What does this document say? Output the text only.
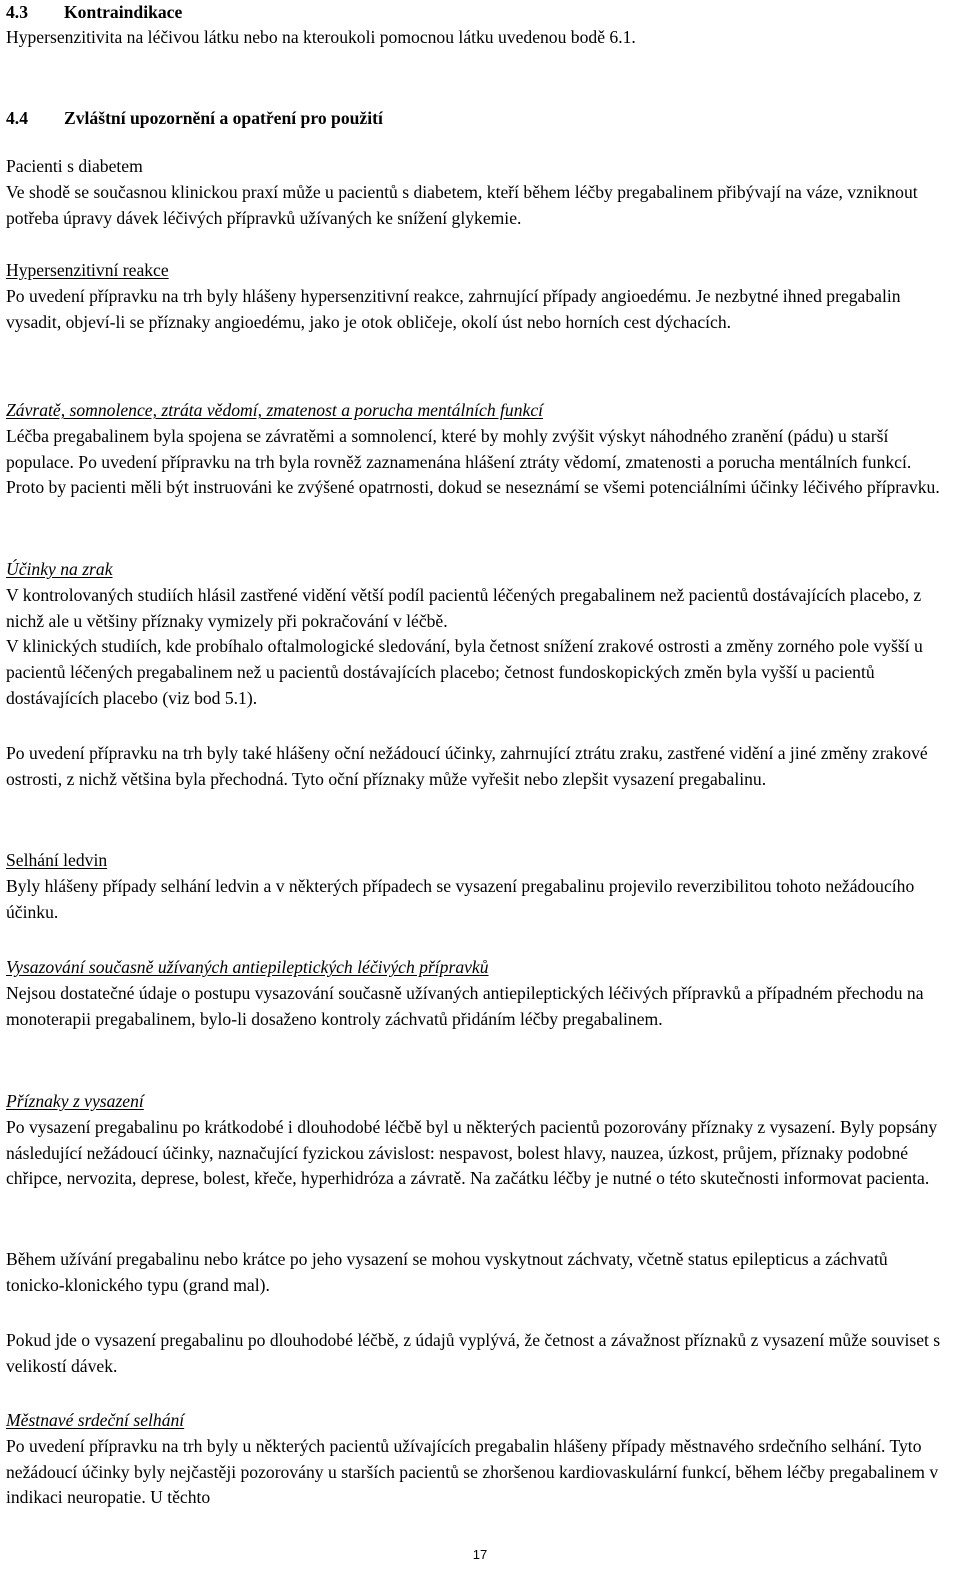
4.3 Kontraindikace

Hypersenzitivita na léčivou látku nebo na kteroukoli pomocnou látku uvedenou bodě 6.1.

4.4 Zvláštní upozornění a opatření pro použití

Pacienti s diabetem

Ve shodě se současnou klinickou praxí může u pacientů s diabetem, kteří během léčby pregabalinem přibývají na váze, vzniknout potřeba úpravy dávek léčivých přípravků užívaných ke snížení glykemie.

Hypersenzitivní reakce

Po uvedení přípravku na trh byly hlášeny hypersenzitivní reakce, zahrnující případy angioedému. Je nezbytné ihned pregabalin vysadit, objeví-li se příznaky angioedému, jako je otok obličeje, okolí úst nebo horních cest dýchacích.

Závratě, somnolence, ztráta vědomí, zmatenost a porucha mentálních funkcí

Léčba pregabalinem byla spojena se závratěmi a somnolencí, které by mohly zvýšit výskyt náhodného zranění (pádu) u starší populace. Po uvedení přípravku na trh byla rovněž zaznamenána hlášení ztráty vědomí, zmatenosti a porucha mentálních funkcí. Proto by pacienti měli být instruováni ke zvýšené opatrnosti, dokud se neseznámí se všemi potenciálními účinky léčivého přípravku.

Účinky na zrak

V kontrolovaných studiích hlásil zastřené vidění větší podíl pacientů léčených pregabalinem než pacientů dostávajících placebo, z nichž ale u většiny příznaky vymizely při pokračování v léčbě.

V klinických studiích, kde probíhalo oftalmologické sledování, byla četnost snížení zrakové ostrosti a změny zorného pole vyšší u pacientů léčených pregabalinem než u pacientů dostávajících placebo; četnost fundoskopických změn byla vyšší u pacientů dostávajících placebo (viz bod 5.1).

Po uvedení přípravku na trh byly také hlášeny oční nežádoucí účinky, zahrnující ztrátu zraku, zastřené vidění a jiné změny zrakové ostrosti, z nichž většina byla přechodná. Tyto oční příznaky může vyřešit nebo zlepšit vysazení pregabalinu.

Selhání ledvin

Byly hlášeny případy selhání ledvin a v některých případech se vysazení pregabalinu projevilo reverzibilitou tohoto nežádoucího účinku.

Vysazování současně užívaných antiepileptických léčivých přípravků

Nejsou dostatečné údaje o postupu vysazování současně užívaných antiepileptických léčivých přípravků a případném přechodu na monoterapii pregabalinem, bylo-li dosaženo kontroly záchvatů přidáním léčby pregabalinem.

Příznaky z vysazení

Po vysazení pregabalinu po krátkodobé i dlouhodobé léčbě byl u některých pacientů pozorovány příznaky z vysazení. Byly popsány následující nežádoucí účinky, naznačující fyzickou závislost: nespavost, bolest hlavy, nauzea, úzkost, průjem, příznaky podobné chřipce, nervozita, deprese, bolest, křeče, hyperhidróza a závratě. Na začátku léčby je nutné o této skutečnosti informovat pacienta.

Během užívání pregabalinu nebo krátce po jeho vysazení se mohou vyskytnout záchvaty, včetně status epilepticus a záchvatů tonicko-klonického typu (grand mal).

Pokud jde o vysazení pregabalinu po dlouhodobé léčbě, z údajů vyplývá, že četnost a závažnost příznaků z vysazení může souviset s velikostí dávek.

Městnavé srdeční selhání

Po uvedení přípravku na trh byly u některých pacientů užívajících pregabalin hlášeny případy městnavého srdečního selhání. Tyto nežádoucí účinky byly nejčastěji pozorovány u starších pacientů se zhoršenou kardiovaskulární funkcí, během léčby pregabalinem v indikaci neuropatie. U těchto

17
